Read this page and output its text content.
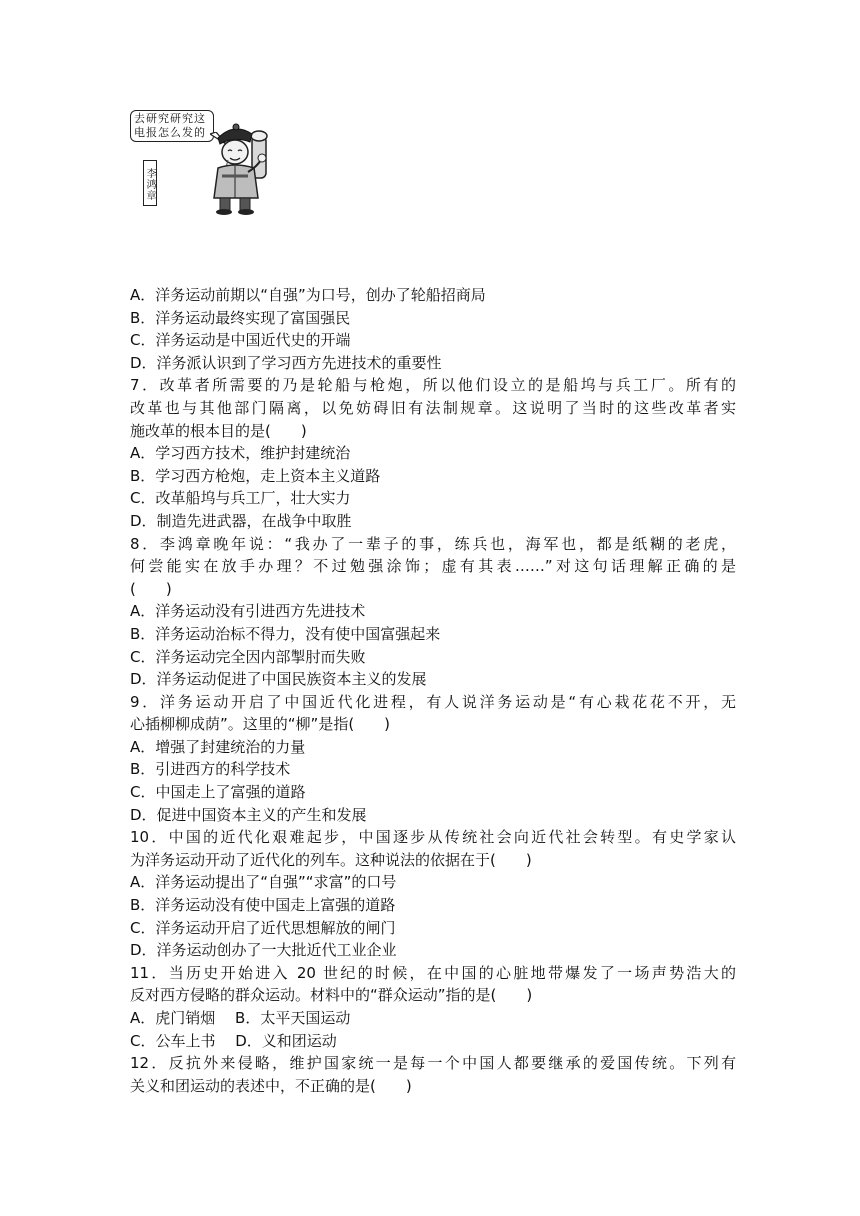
去研究研究这
电报怎么发的
李鸿章
A．洋务运动前期以“自强”为口号，创办了轮船招商局
B．洋务运动最终实现了富国强民
C．洋务运动是中国近代史的开端
D．洋务派认识到了学习西方先进技术的重要性
7．改革者所需要的乃是轮船与枪炮，所以他们设立的是船坞与兵工厂。所有的
改革也与其他部门隔离，以免妨碍旧有法制规章。这说明了当时的这些改革者实
施改革的根本目的是(　　)
A．学习西方技术，维护封建统治
B．学习西方枪炮，走上资本主义道路
C．改革船坞与兵工厂，壮大实力
D．制造先进武器，在战争中取胜
8．李鸿章晚年说：“我办了一辈子的事，练兵也，海军也，都是纸糊的老虎，
何尝能实在放手办理？不过勉强涂饰；虚有其表……”对这句话理解正确的是
(　　)
A．洋务运动没有引进西方先进技术
B．洋务运动治标不得力，没有使中国富强起来
C．洋务运动完全因内部掣肘而失败
D．洋务运动促进了中国民族资本主义的发展
9．洋务运动开启了中国近代化进程，有人说洋务运动是“有心栽花花不开，无
心插柳柳成荫”。这里的“柳”是指(　　)
A．增强了封建统治的力量
B．引进西方的科学技术
C．中国走上了富强的道路
D．促进中国资本主义的产生和发展
10．中国的近代化艰难起步，中国逐步从传统社会向近代社会转型。有史学家认
为洋务运动开动了近代化的列车。这种说法的依据在于(　　)
A．洋务运动提出了“自强”“求富”的口号
B．洋务运动没有使中国走上富强的道路
C．洋务运动开启了近代思想解放的闸门
D．洋务运动创办了一大批近代工业企业
11．当历史开始进入 20 世纪的时候，在中国的心脏地带爆发了一场声势浩大的
反对西方侵略的群众运动。材料中的“群众运动”指的是(　　)
A．虎门销烟　 B．太平天国运动
C．公车上书　 D．义和团运动
12．反抗外来侵略，维护国家统一是每一个中国人都要继承的爱国传统。下列有
关义和团运动的表述中，不正确的是(　　)
